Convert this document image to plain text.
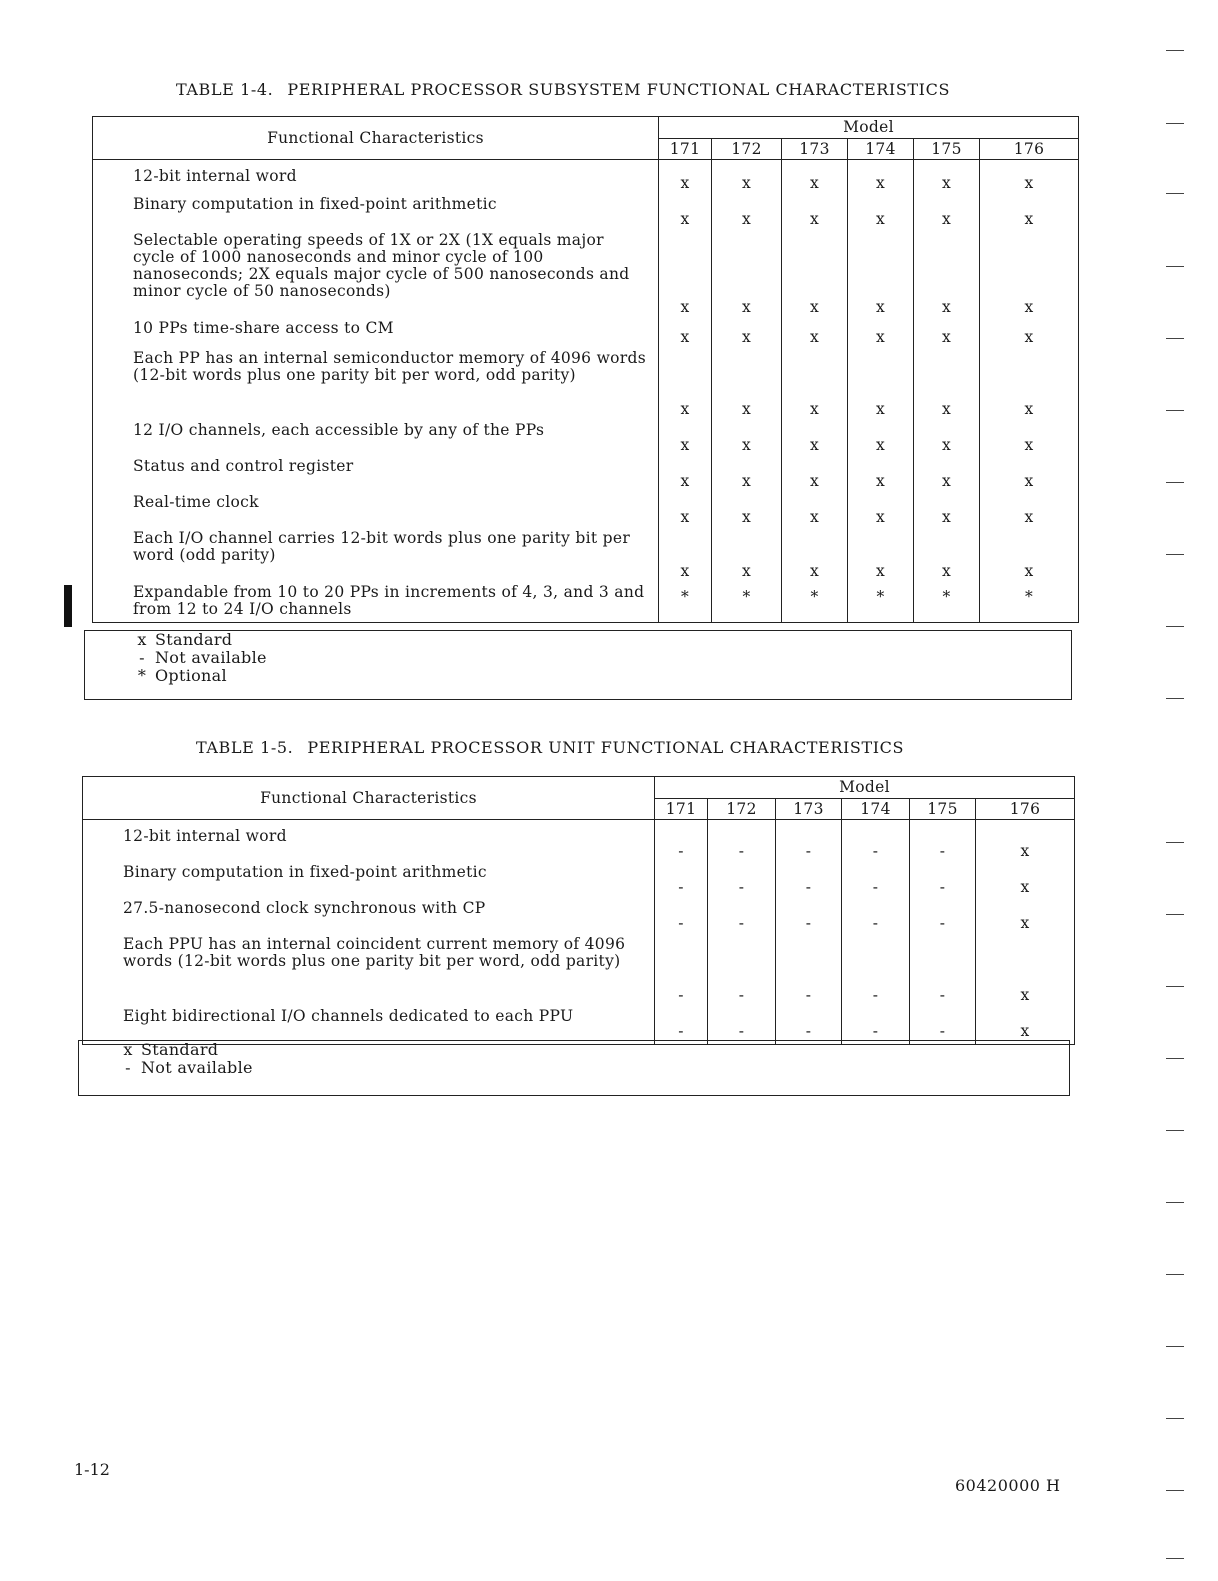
TABLE 1-4. PERIPHERAL PROCESSOR SUBSYSTEM FUNCTIONAL CHARACTERISTICS
Functional Characteristics	Model					
	171	172	173	174	175	176

12-bit internal word	x	x	x	x	x	x
Binary computation in fixed-point arithmetic	x	x	x	x	x	x
Selectable operating speeds of 1X or 2X (1X equals major cycle of 1000 nanoseconds and minor cycle of 100 nanoseconds; 2X equals major cycle of 500 nanoseconds and minor cycle of 50 nanoseconds)	x	x	x	x	x	x
10 PPs time-share access to CM	x	x	x	x	x	x
Each PP has an internal semiconductor memory of 4096 words (12-bit words plus one parity bit per word, odd parity)	x	x	x	x	x	x
12 I/O channels, each accessible by any of the PPs	x	x	x	x	x	x
Status and control register	x	x	x	x	x	x
Real-time clock	x	x	x	x	x	x
Each I/O channel carries 12-bit words plus one parity bit per word (odd parity)	x	x	x	x	x	x
Expandable from 10 to 20 PPs in increments of 4, 3, and 3 and from 12 to 24 I/O channels	*	*	*	*	*	*
x Standard
- Not available
* Optional
TABLE 1-5. PERIPHERAL PROCESSOR UNIT FUNCTIONAL CHARACTERISTICS
Functional Characteristics	Model					
	171	172	173	174	175	176

12-bit internal word	-	-	-	-	-	x
Binary computation in fixed-point arithmetic	-	-	-	-	-	x
27.5-nanosecond clock synchronous with CP	-	-	-	-	-	x
Each PPU has an internal coincident current memory of 4096 words (12-bit words plus one parity bit per word, odd parity)	-	-	-	-	-	x
Eight bidirectional I/O channels dedicated to each PPU	-	-	-	-	-	x
x Standard
- Not available
1-12
60420000 H
